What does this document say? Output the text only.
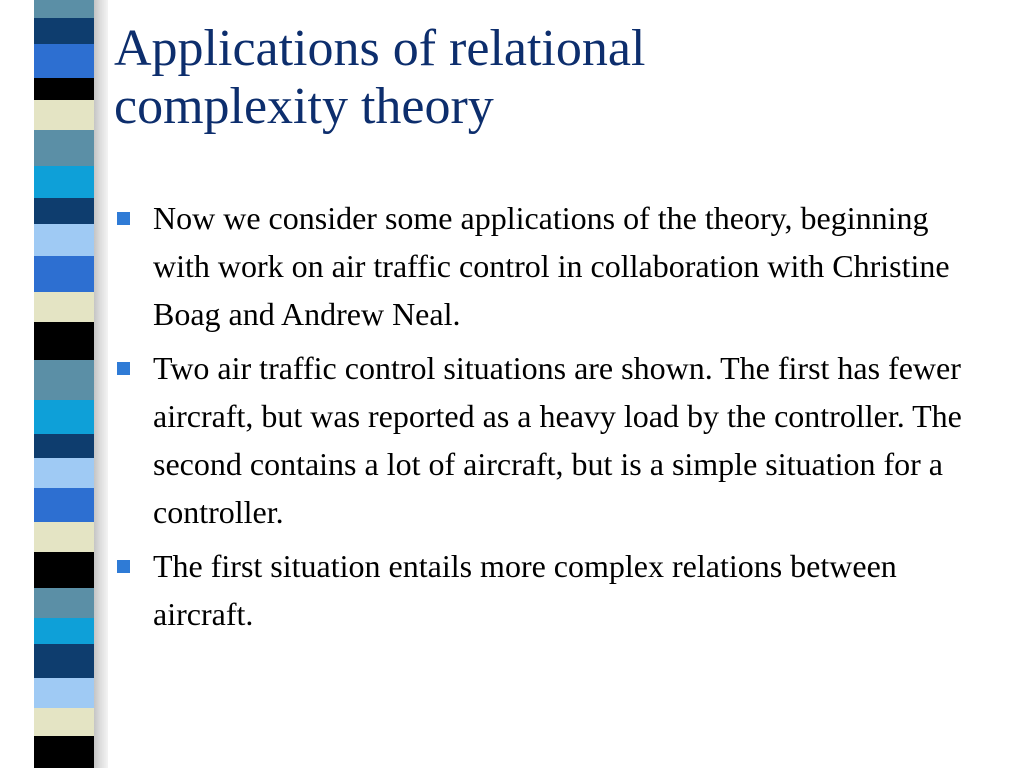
Applications of relational
complexity theory
Now we consider some applications of the theory, beginning with work on air traffic control in collaboration with Christine Boag and Andrew Neal.
Two air traffic control situations are shown. The first has fewer aircraft, but was reported as a heavy load by the controller. The second contains a lot of aircraft, but is a simple situation for a controller.
The first situation entails more complex relations between aircraft.
